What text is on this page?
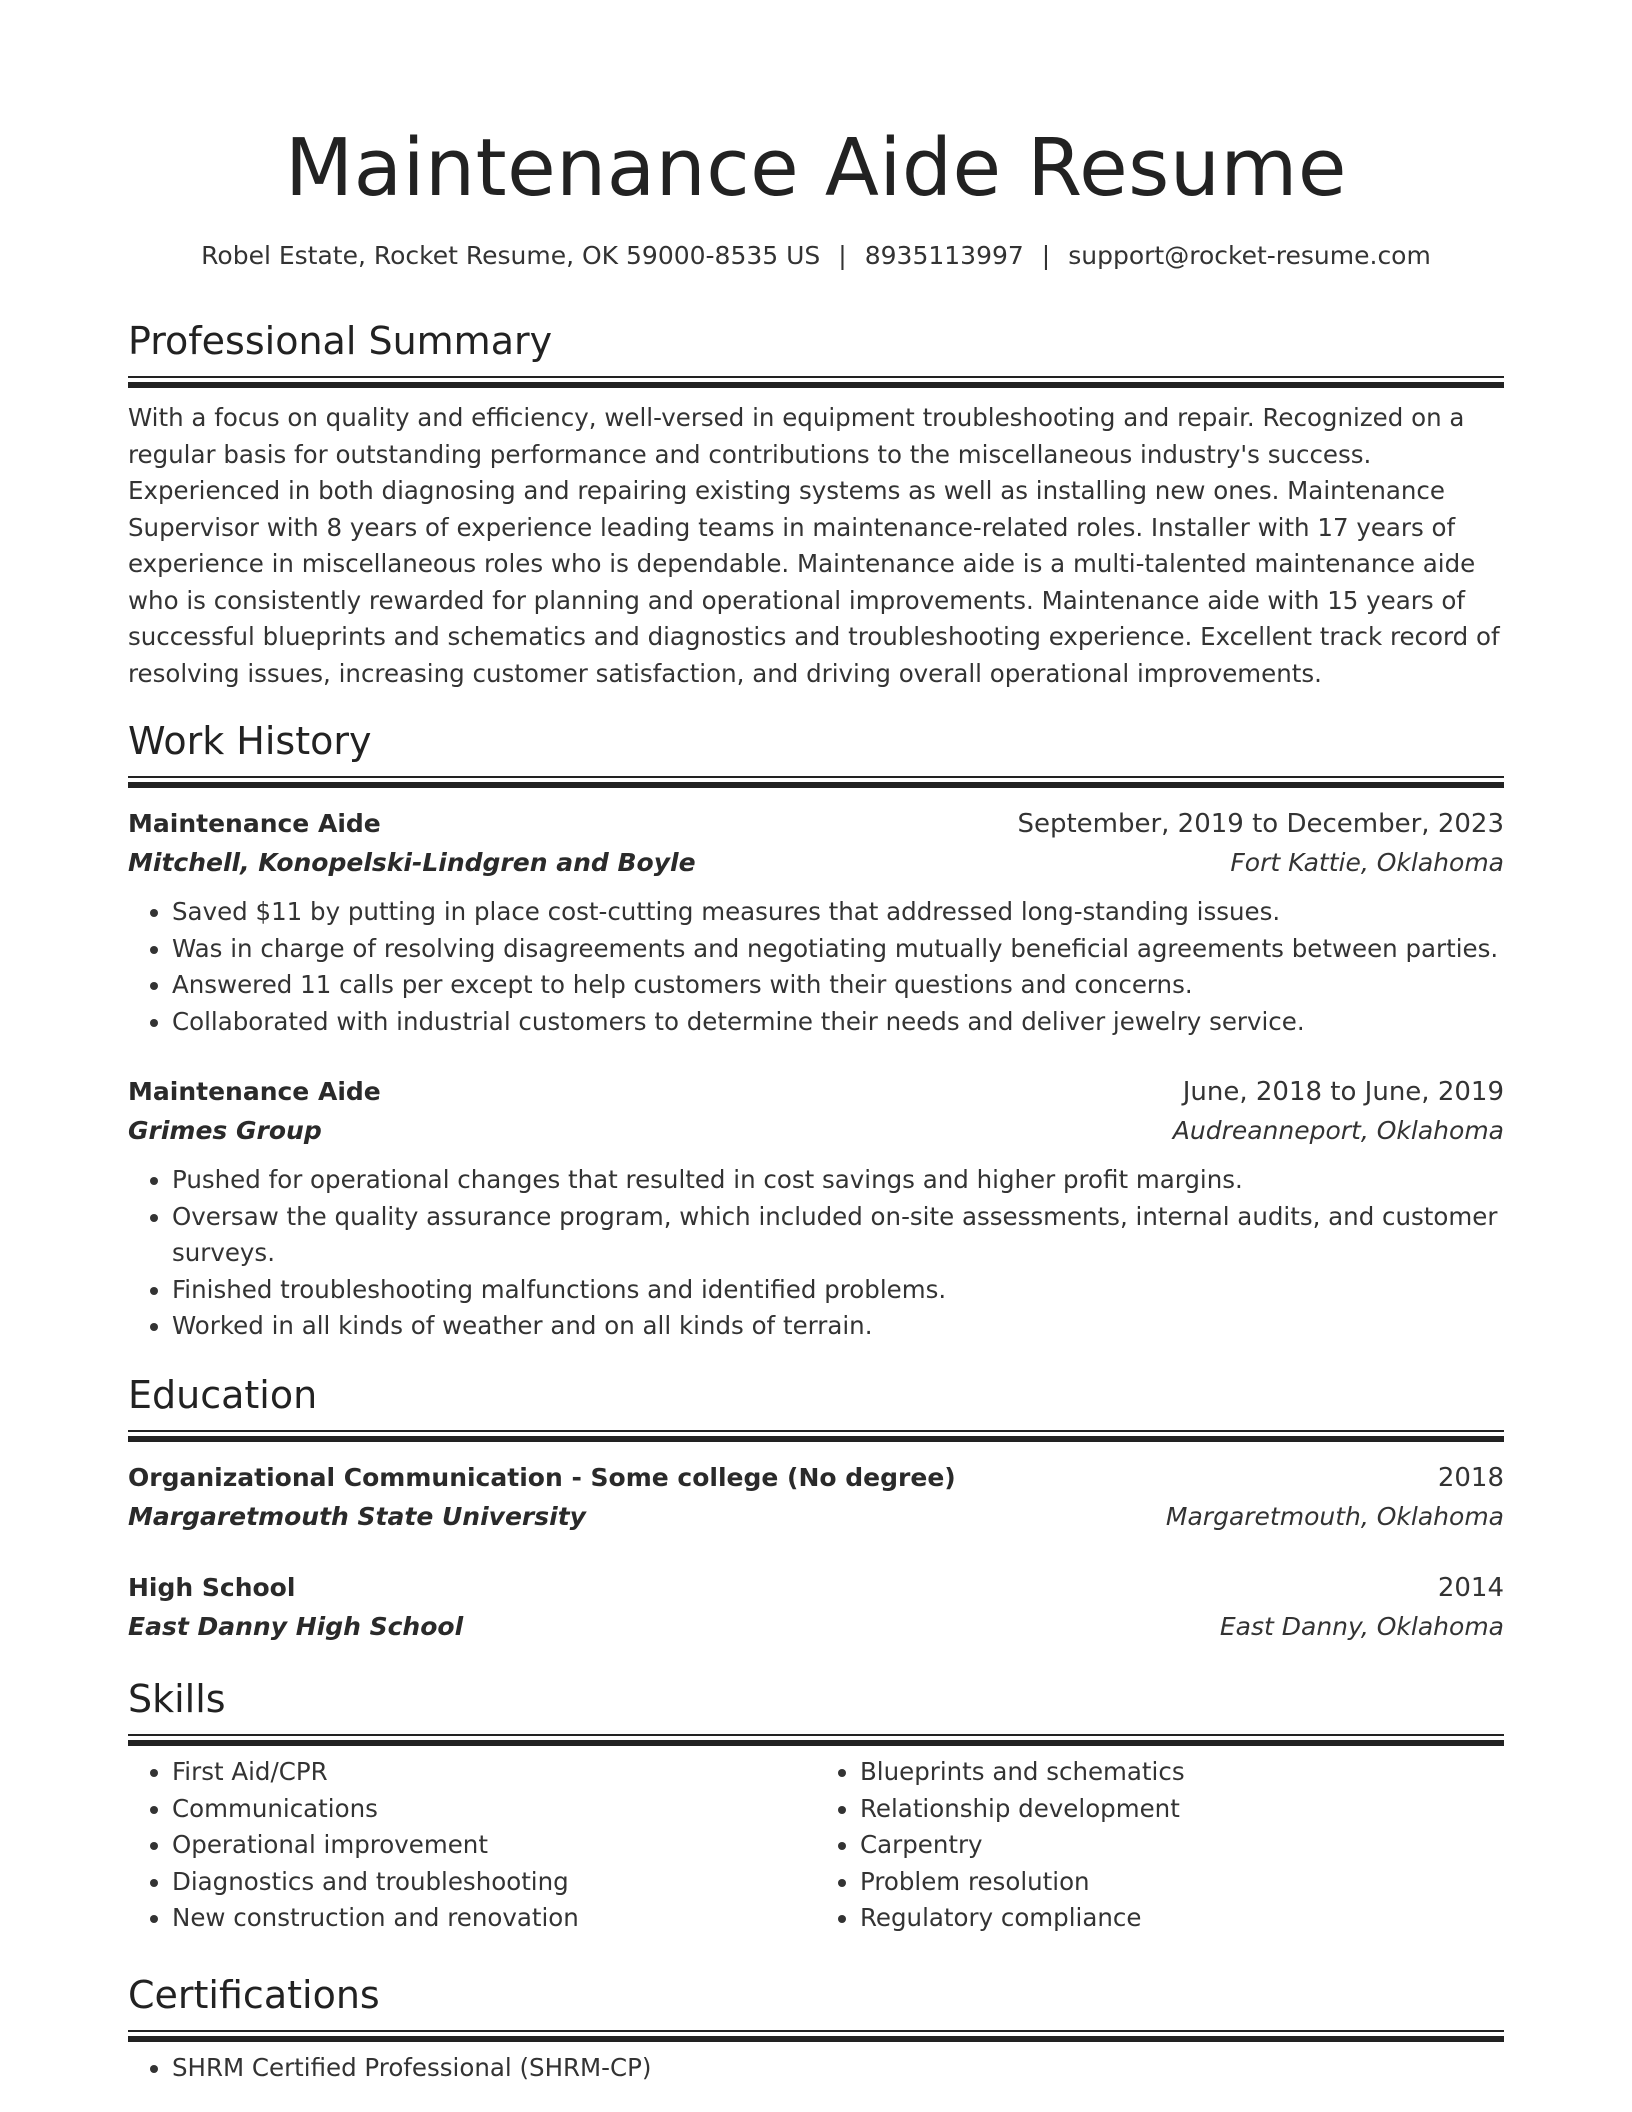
Maintenance Aide Resume
Robel Estate, Rocket Resume, OK 59000-8535 US | 8935113997 | support@rocket-resume.com
Professional Summary

With a focus on quality and efficiency, well-versed in equipment troubleshooting and repair. Recognized on a regular basis for outstanding performance and contributions to the miscellaneous industry's success. Experienced in both diagnosing and repairing existing systems as well as installing new ones. Maintenance Supervisor with 8 years of experience leading teams in maintenance-related roles. Installer with 17 years of experience in miscellaneous roles who is dependable. Maintenance aide is a multi-talented maintenance aide who is consistently rewarded for planning and operational improvements. Maintenance aide with 15 years of successful blueprints and schematics and diagnostics and troubleshooting experience. Excellent track record of resolving issues, increasing customer satisfaction, and driving overall operational improvements.

Work History
Maintenance Aide	September, 2019 to December, 2023
Mitchell, Konopelski-Lindgren and Boyle	Fort Kattie, Oklahoma
• Saved $11 by putting in place cost-cutting measures that addressed long-standing issues.
• Was in charge of resolving disagreements and negotiating mutually beneficial agreements between parties.
• Answered 11 calls per except to help customers with their questions and concerns.
• Collaborated with industrial customers to determine their needs and deliver jewelry service.
Maintenance Aide	June, 2018 to June, 2019
Grimes Group	Audreanneport, Oklahoma
• Pushed for operational changes that resulted in cost savings and higher profit margins.
• Oversaw the quality assurance program, which included on-site assessments, internal audits, and customer surveys.
• Finished troubleshooting malfunctions and identified problems.
• Worked in all kinds of weather and on all kinds of terrain.
Education
Organizational Communication - Some college (No degree)	2018
Margaretmouth State University	Margaretmouth, Oklahoma
High School	2014
East Danny High School	East Danny, Oklahoma
Skills
• First Aid/CPR
• Communications
• Operational improvement
• Diagnostics and troubleshooting
• New construction and renovation
• Blueprints and schematics
• Relationship development
• Carpentry
• Problem resolution
• Regulatory compliance
Certifications
• SHRM Certified Professional (SHRM-CP)
